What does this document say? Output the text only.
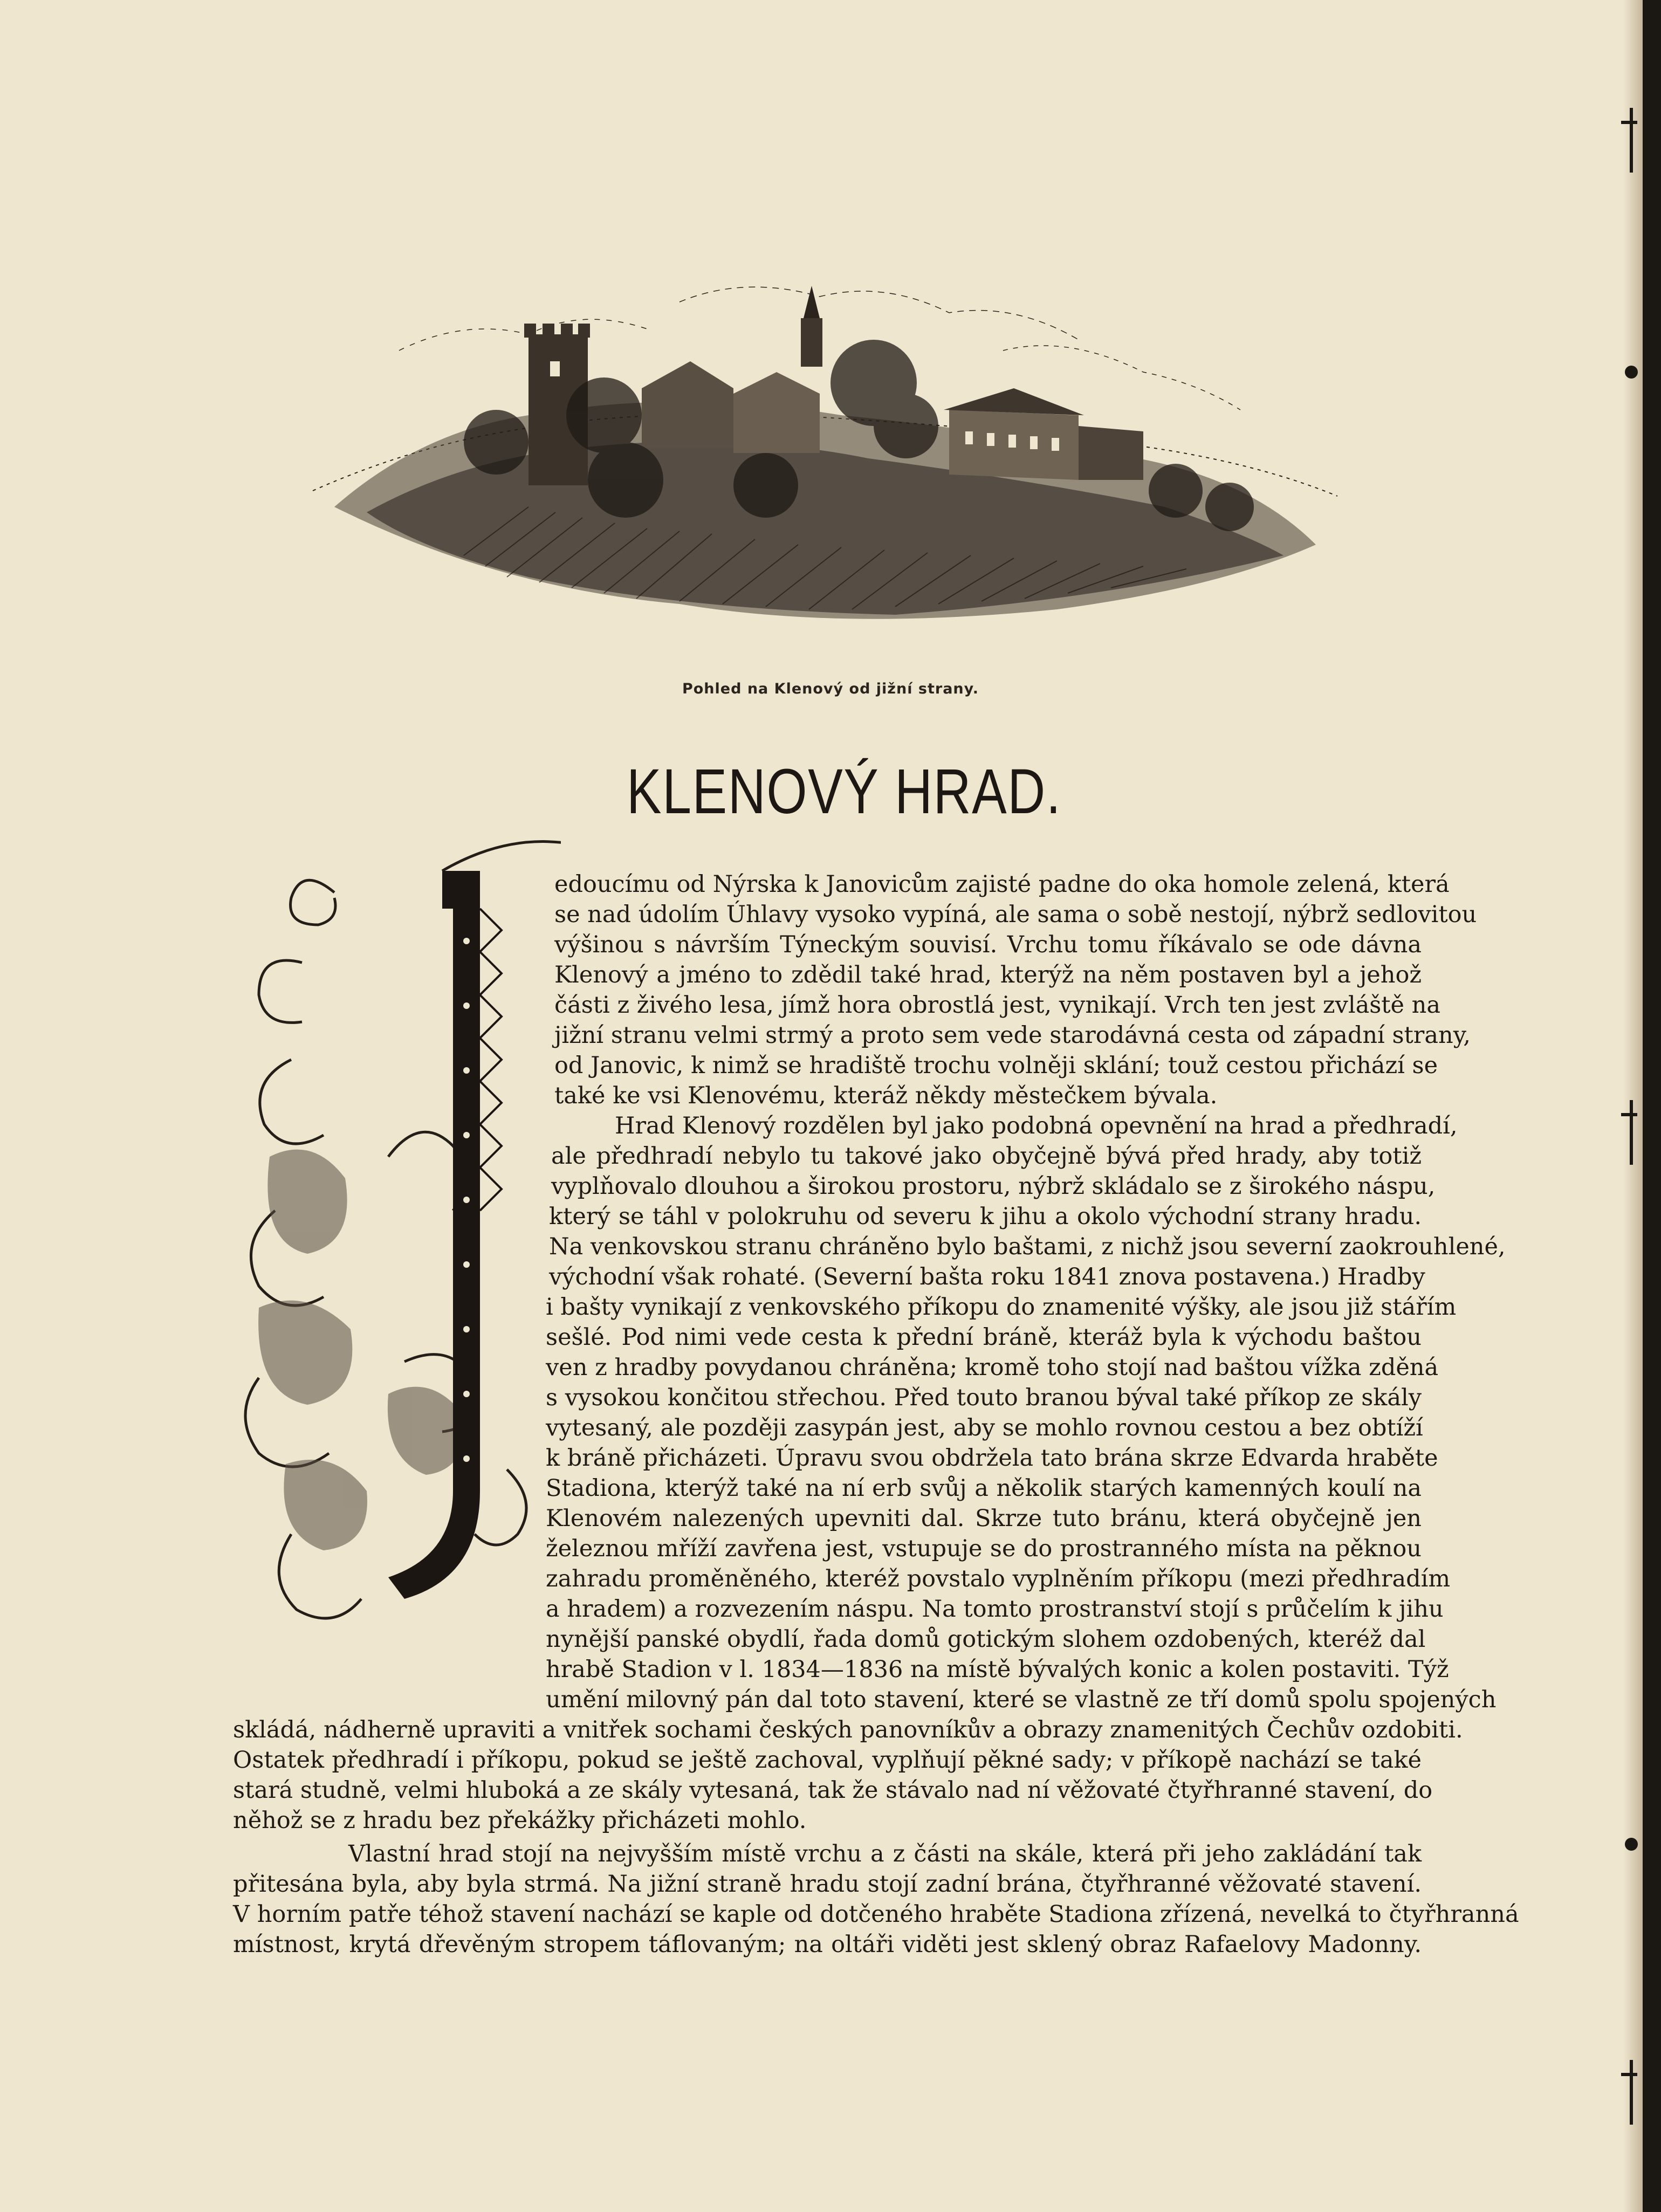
Pohled na Klenový od jižní strany.
KLENOVÝ HRAD.
edoucímu od Nýrska k Janovicům zajisté padne do oka homole zelená, která
se nad údolím Úhlavy vysoko vypíná, ale sama o sobě nestojí, nýbrž sedlovitou
výšinou s návrším Týneckým souvisí. Vrchu tomu říkávalo se ode dávna
Klenový a jméno to zdědil také hrad, kterýž na něm postaven byl a jehož
části z živého lesa, jímž hora obrostlá jest, vynikají. Vrch ten jest zvláště na
jižní stranu velmi strmý a proto sem vede starodávná cesta od západní strany,
od Janovic, k nimž se hradiště trochu volněji sklání; touž cestou přichází se
také ke vsi Klenovému, kteráž někdy městečkem bývala.
Hrad Klenový rozdělen byl jako podobná opevnění na hrad a předhradí,
ale předhradí nebylo tu takové jako obyčejně bývá před hrady, aby totiž
vyplňovalo dlouhou a širokou prostoru, nýbrž skládalo se z širokého náspu,
který se táhl v polokruhu od severu k jihu a okolo východní strany hradu.
Na venkovskou stranu chráněno bylo baštami, z nichž jsou severní zaokrouhlené,
východní však rohaté. (Severní bašta roku 1841 znova postavena.) Hradby
i bašty vynikají z venkovského příkopu do znamenité výšky, ale jsou již stářím
sešlé. Pod nimi vede cesta k přední bráně, kteráž byla k východu baštou
ven z hradby povydanou chráněna; kromě toho stojí nad baštou vížka zděná
s vysokou končitou střechou. Před touto branou býval také příkop ze skály
vytesaný, ale později zasypán jest, aby se mohlo rovnou cestou a bez obtíží
k bráně přicházeti. Úpravu svou obdržela tato brána skrze Edvarda hraběte
Stadiona, kterýž také na ní erb svůj a několik starých kamenných koulí na
Klenovém nalezených upevniti dal. Skrze tuto bránu, která obyčejně jen
železnou mříží zavřena jest, vstupuje se do prostranného místa na pěknou
zahradu proměněného, kteréž povstalo vyplněním příkopu (mezi předhradím
a hradem) a rozvezením náspu. Na tomto prostranství stojí s průčelím k jihu
nynější panské obydlí, řada domů gotickým slohem ozdobených, kteréž dal
hrabě Stadion v l. 1834—1836 na místě bývalých konic a kolen postaviti. Týž
umění milovný pán dal toto stavení, které se vlastně ze tří domů spolu spojených
skládá, nádherně upraviti a vnitřek sochami českých panovníkův a obrazy znamenitých Čechův ozdobiti.
Ostatek předhradí i příkopu, pokud se ještě zachoval, vyplňují pěkné sady; v příkopě nachází se také
stará studně, velmi hluboká a ze skály vytesaná, tak že stávalo nad ní věžovaté čtyřhranné stavení, do
něhož se z hradu bez překážky přicházeti mohlo.
Vlastní hrad stojí na nejvyšším místě vrchu a z části na skále, která při jeho zakládání tak
přitesána byla, aby byla strmá. Na jižní straně hradu stojí zadní brána, čtyřhranné věžovaté stavení.
V horním patře téhož stavení nachází se kaple od dotčeného hraběte Stadiona zřízená, nevelká to čtyřhranná
místnost, krytá dřevěným stropem táflovaným; na oltáři viděti jest sklený obraz Rafaelovy Madonny.
